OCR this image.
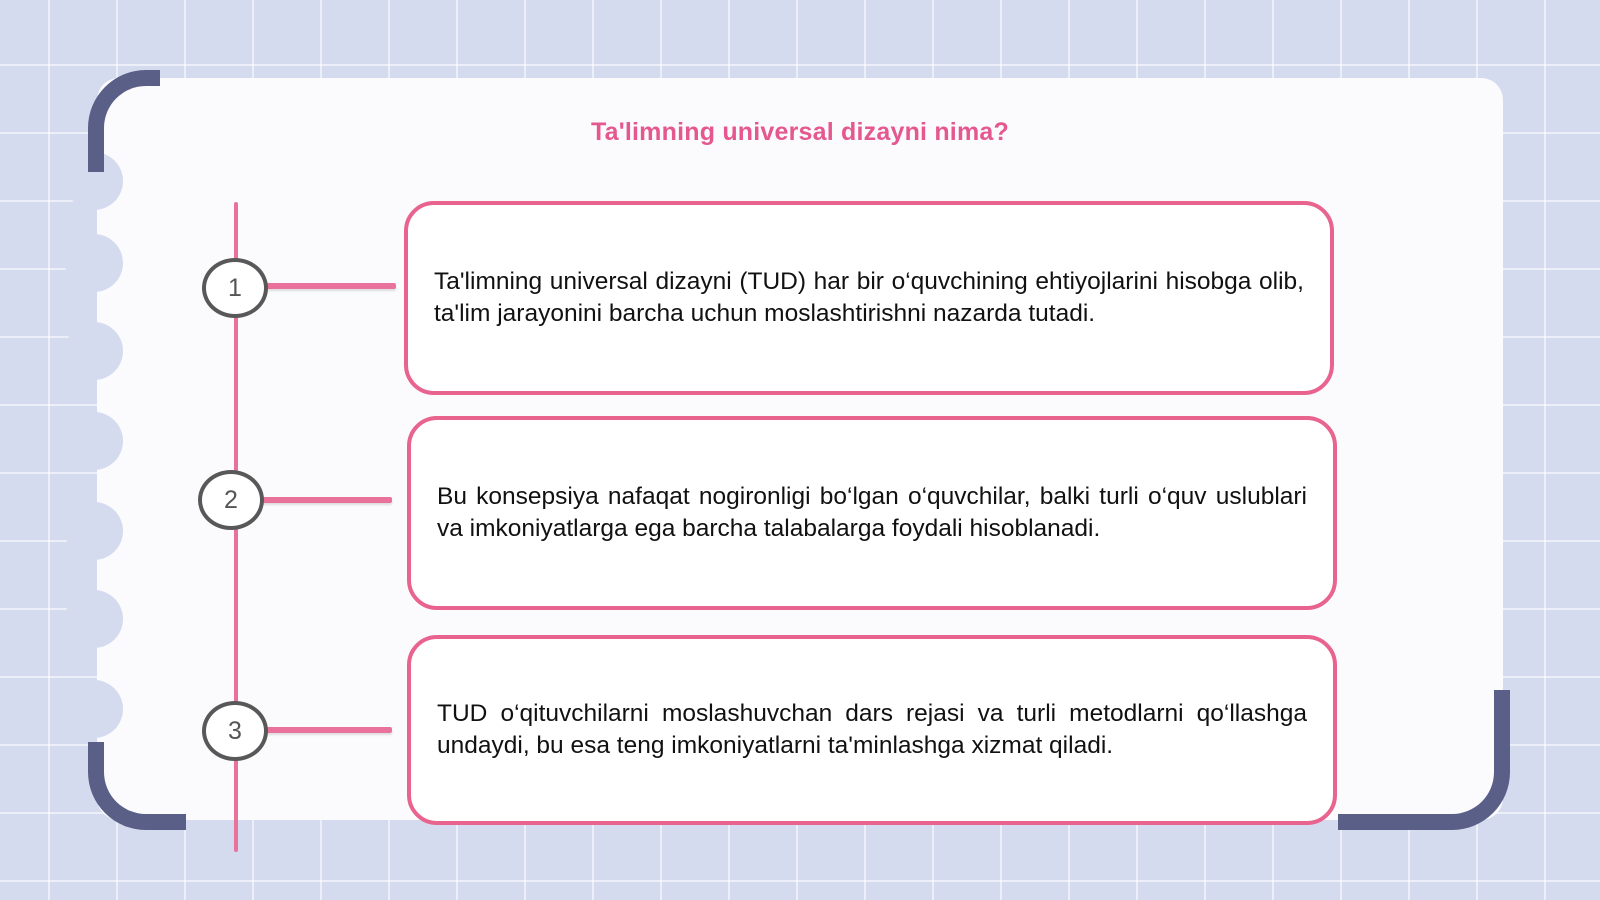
Ta'limning universal dizayni nima?
1	Ta'limning universal dizayni (TUD) har bir o‘quvchining ehtiyojlarini hisobga olib, ta'lim jarayonini barcha uchun moslashtirishni nazarda tutadi.
2	Bu konsepsiya nafaqat nogironligi bo‘lgan o‘quvchilar, balki turli o‘quv uslublari va imkoniyatlarga ega barcha talabalarga foydali hisoblanadi.
3
TUD o‘qituvchilarni moslashuvchan dars rejasi va turli metodlarni qo‘llashga undaydi, bu esa teng imkoniyatlarni ta'minlashga xizmat qiladi.
